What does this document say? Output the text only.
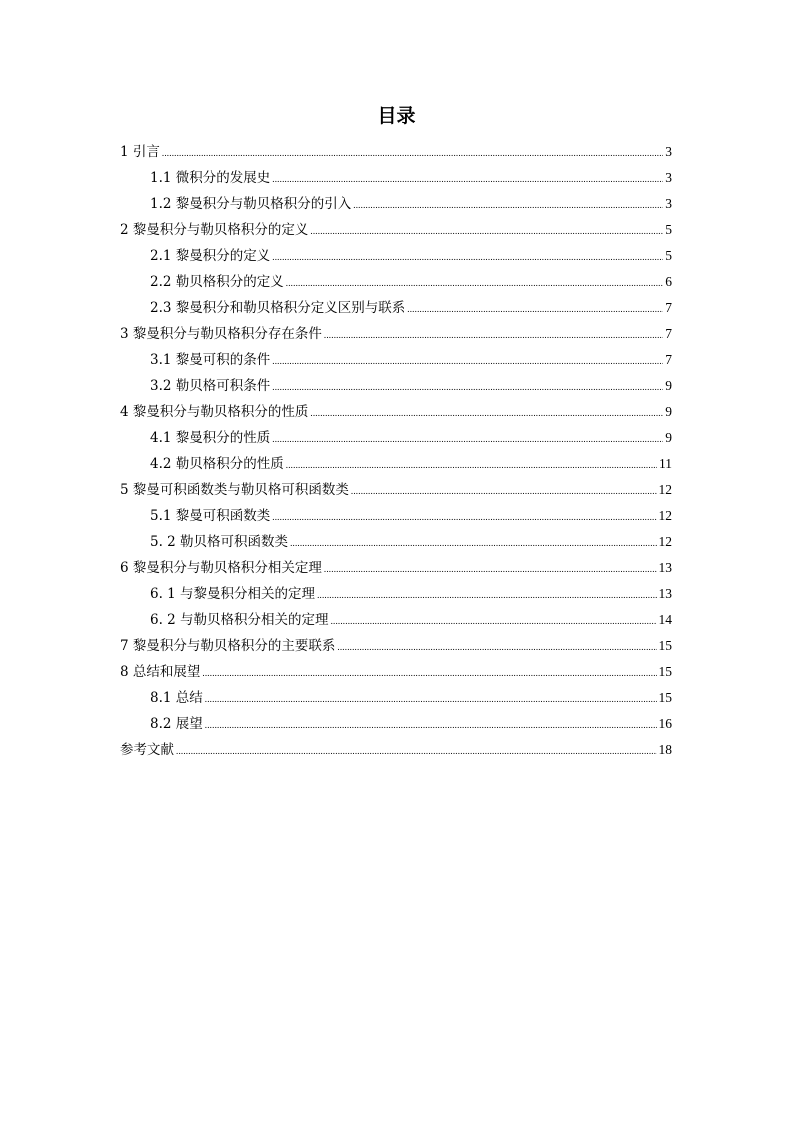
目录
1 引言 .....	3
1.1 微积分的发展史 .....	3
1.2 黎曼积分与勒贝格积分的引入 .....	3
2 黎曼积分与勒贝格积分的定义 .....	5
2.1 黎曼积分的定义 .....	5
2.2 勒贝格积分的定义 .....	6
2.3 黎曼积分和勒贝格积分定义区别与联系 .....	7
3 黎曼积分与勒贝格积分存在条件 .....	7
3.1 黎曼可积的条件 .....	7
3.2 勒贝格可积条件 .....	9
4 黎曼积分与勒贝格积分的性质 .....	9
4.1 黎曼积分的性质 .....	9
4.2 勒贝格积分的性质 .....	11
5 黎曼可积函数类与勒贝格可积函数类 .....	12
5.1 黎曼可积函数类 .....	12
5. 2 勒贝格可积函数类 .....	12
6 黎曼积分与勒贝格积分相关定理 .....	13
6. 1 与黎曼积分相关的定理 .....	13
6. 2 与勒贝格积分相关的定理 .....	14
7 黎曼积分与勒贝格积分的主要联系 .....	15
8 总结和展望 .....	15
8.1 总结 .....	15
8.2 展望 .....	16
参考文献 .....	18
